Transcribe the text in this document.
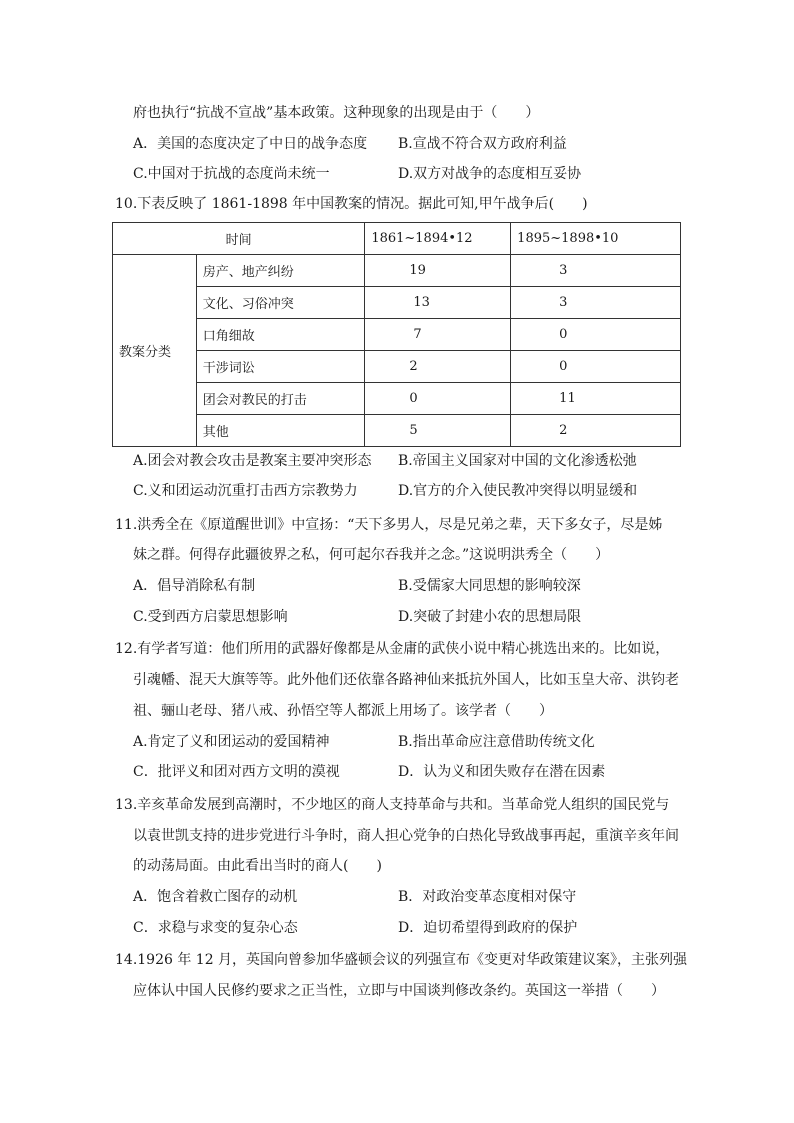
府也执行“抗战不宣战”基本政策。这种现象的出现是由于（　　）
A．美国的态度决定了中日的战争态度 B.宣战不符合双方政府利益
C.中国对于抗战的态度尚未统一	D.双方对战争的态度相互妥协
10.下表反映了 1861-1898 年中国教案的情况。据此可知,甲午战争后(　　)
时间		1861~1894•12	1895~1898•10
教案分类	房产、地产纠纷	19	3
	文化、习俗冲突	13	3
	口角细故	7	0
	干涉词讼	2	0
	团会对教民的打击	0	11
	其他	5	2
A.团会对教会攻击是教案主要冲突形态 B.帝国主义国家对中国的文化渗透松弛
C.义和团运动沉重打击西方宗教势力	D.官方的介入使民教冲突得以明显缓和
11.洪秀全在《原道醒世训》中宣扬：“天下多男人，尽是兄弟之辈，天下多女子，尽是姊
妹之群。何得存此疆彼界之私，何可起尔吞我并之念。”这说明洪秀全（　　）
A．倡导消除私有制	B.受儒家大同思想的影响较深
C.受到西方启蒙思想影响	D.突破了封建小农的思想局限
12.有学者写道：他们所用的武器好像都是从金庸的武侠小说中精心挑选出来的。比如说，
引魂幡、混天大旗等等。此外他们还依靠各路神仙来抵抗外国人，比如玉皇大帝、洪钧老
祖、骊山老母、猪八戒、孙悟空等人都派上用场了。该学者（　　）
A.肯定了义和团运动的爱国精神	B.指出革命应注意借助传统文化
C．批评义和团对西方文明的漠视	D．认为义和团失败存在潜在因素
13.辛亥革命发展到高潮时，不少地区的商人支持革命与共和。当革命党人组织的国民党与
以袁世凯支持的进步党进行斗争时，商人担心党争的白热化导致战事再起，重演辛亥年间
的动荡局面。由此看出当时的商人(　　)
A．饱含着救亡图存的动机	B．对政治变革态度相对保守
C．求稳与求变的复杂心态	D．迫切希望得到政府的保护
14.1926 年 12 月，英国向曾参加华盛顿会议的列强宣布《变更对华政策建议案》，主张列强
应体认中国人民修约要求之正当性，立即与中国谈判修改条约。英国这一举措（　　）
